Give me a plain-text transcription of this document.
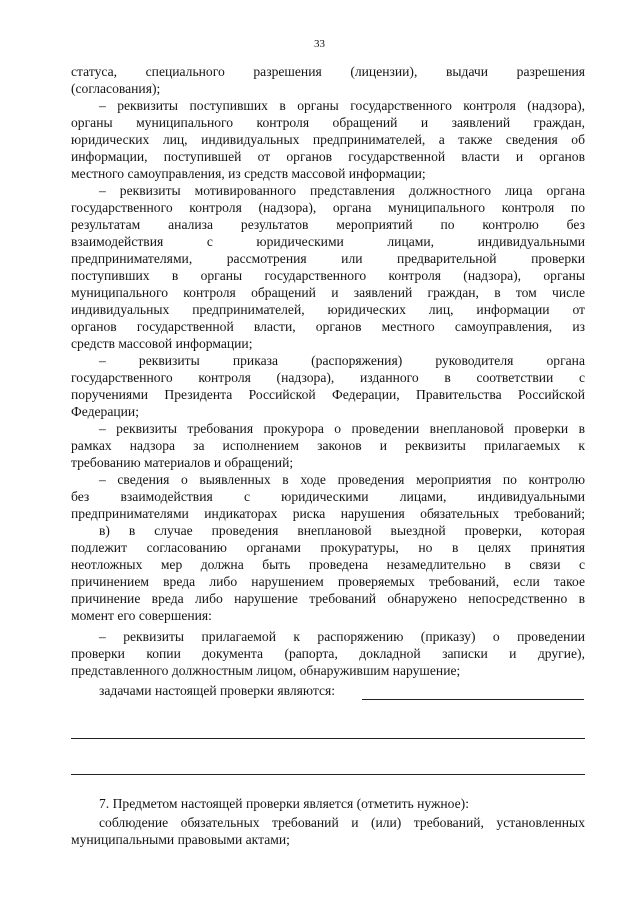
33
статуса, специального разрешения (лицензии), выдачи разрешения
(согласования);
– реквизиты поступивших в органы государственного контроля (надзора),
органы муниципального контроля обращений и заявлений граждан,
юридических лиц, индивидуальных предпринимателей, а также сведения об
информации, поступившей от органов государственной власти и органов
местного самоуправления, из средств массовой информации;
– реквизиты мотивированного представления должностного лица органа
государственного контроля (надзора), органа муниципального контроля по
результатам анализа результатов мероприятий по контролю без
взаимодействия с юридическими лицами, индивидуальными
предпринимателями, рассмотрения или предварительной проверки
поступивших в органы государственного контроля (надзора), органы
муниципального контроля обращений и заявлений граждан, в том числе
индивидуальных предпринимателей, юридических лиц, информации от
органов государственной власти, органов местного самоуправления, из
средств массовой информации;
– реквизиты приказа (распоряжения) руководителя органа
государственного контроля (надзора), изданного в соответствии с
поручениями Президента Российской Федерации, Правительства Российской
Федерации;
– реквизиты требования прокурора о проведении внеплановой проверки в
рамках надзора за исполнением законов и реквизиты прилагаемых к
требованию материалов и обращений;
– сведения о выявленных в ходе проведения мероприятия по контролю
без взаимодействия с юридическими лицами, индивидуальными
предпринимателями индикаторах риска нарушения обязательных требований;
в) в случае проведения внеплановой выездной проверки, которая
подлежит согласованию органами прокуратуры, но в целях принятия
неотложных мер должна быть проведена незамедлительно в связи с
причинением вреда либо нарушением проверяемых требований, если такое
причинение вреда либо нарушение требований обнаружено непосредственно в
момент его совершения:
– реквизиты прилагаемой к распоряжению (приказу) о проведении
проверки копии документа (рапорта, докладной записки и другие),
представленного должностным лицом, обнаружившим нарушение;
задачами настоящей проверки являются:
7. Предметом настоящей проверки является (отметить нужное):
соблюдение обязательных требований и (или) требований, установленных
муниципальными правовыми актами;
